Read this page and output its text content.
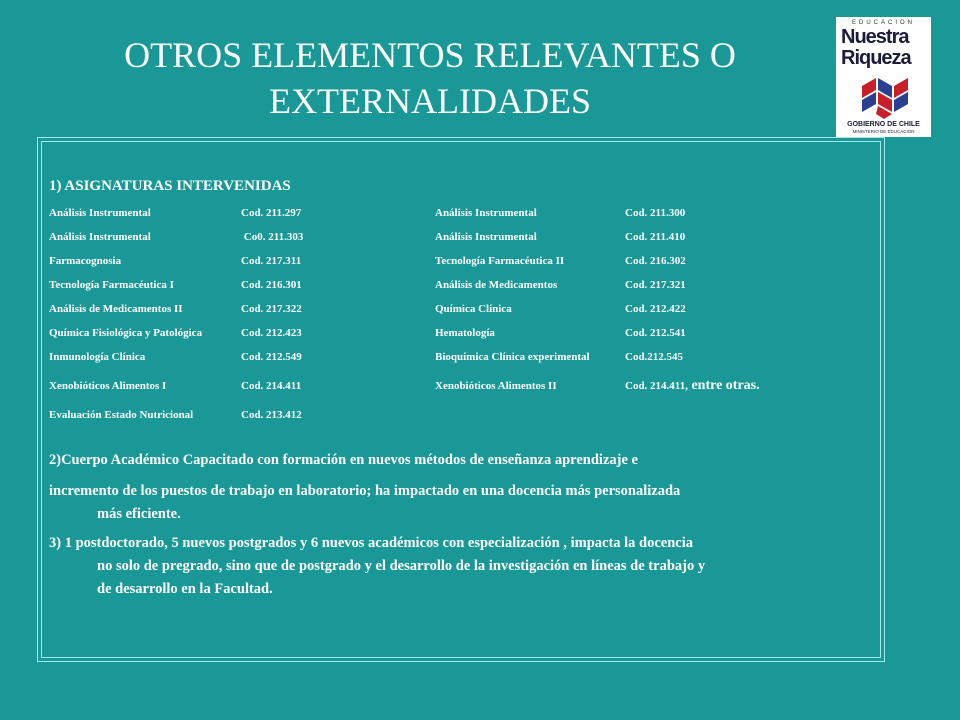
OTROS ELEMENTOS RELEVANTES O
EXTERNALIDADES
EDUCACION
Nuestra
Riqueza
GOBIERNO DE CHILE
MINISTERIO DE EDUCACION
1) ASIGNATURAS INTERVENIDAS
Análisis Instrumental	Cod. 211.297	Análisis Instrumental	Cod. 211.300
Análisis Instrumental	Co0. 211.303	Análisis Instrumental	Cod. 211.410
Farmacognosia	Cod. 217.311	Tecnología Farmacéutica II	Cod. 216.302
Tecnología Farmacéutica I	Cod. 216.301	Análisis de Medicamentos	Cod. 217.321
Análisis de Medicamentos II	Cod. 217.322	Química Clínica	Cod. 212.422
Química Fisiológica y Patológica	Cod. 212.423	Hematología	Cod. 212.541
Inmunología Clínica	Cod. 212.549	Bioquímica Clínica experimental	Cod.212.545
Xenobióticos Alimentos I	Cod. 214.411	Xenobióticos Alimentos II	Cod. 214.411, entre otras.
Evaluación Estado Nutricional	Cod. 213.412		

2)Cuerpo Académico Capacitado con formación en nuevos métodos de enseñanza aprendizaje e

incremento de los puestos de trabajo en laboratorio; ha impactado en una docencia más personalizada

más eficiente.

3) 1 postdoctorado, 5 nuevos postgrados y 6 nuevos académicos con especialización , impacta la docencia

no solo de pregrado, sino que de postgrado y el desarrollo de la investigación en líneas de trabajo y

de desarrollo en la Facultad.
